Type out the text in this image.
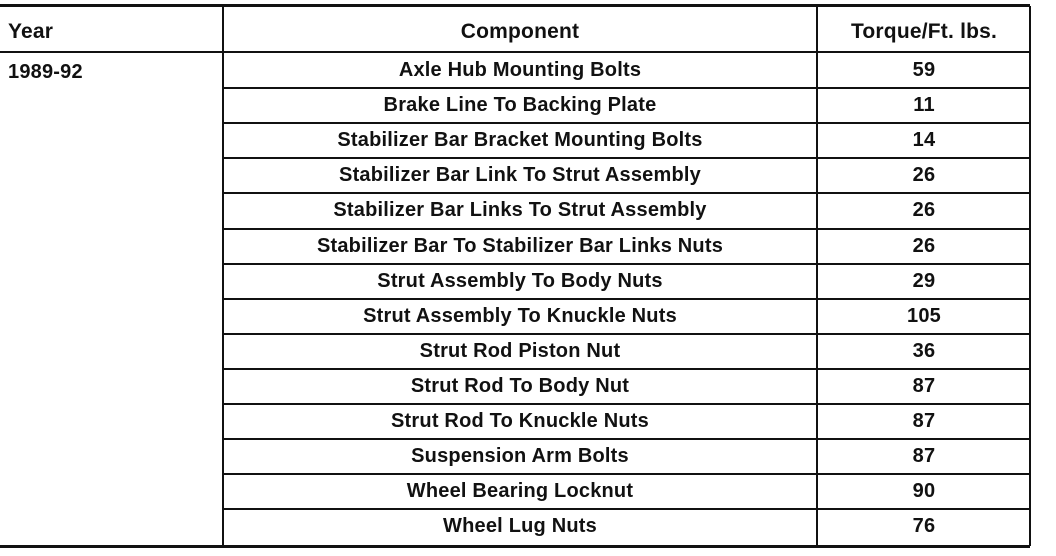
Year	Component	Torque/Ft. lbs.
1989-92	Axle Hub Mounting Bolts	59
Brake Line To Backing Plate	11
Stabilizer Bar Bracket Mounting Bolts	14
Stabilizer Bar Link To Strut Assembly	26
Stabilizer Bar Links To Strut Assembly	26
Stabilizer Bar To Stabilizer Bar Links Nuts	26
Strut Assembly To Body Nuts	29
Strut Assembly To Knuckle Nuts	105
Strut Rod Piston Nut	36
Strut Rod To Body Nut	87
Strut Rod To Knuckle Nuts	87
Suspension Arm Bolts	87
Wheel Bearing Locknut	90
Wheel Lug Nuts	76
